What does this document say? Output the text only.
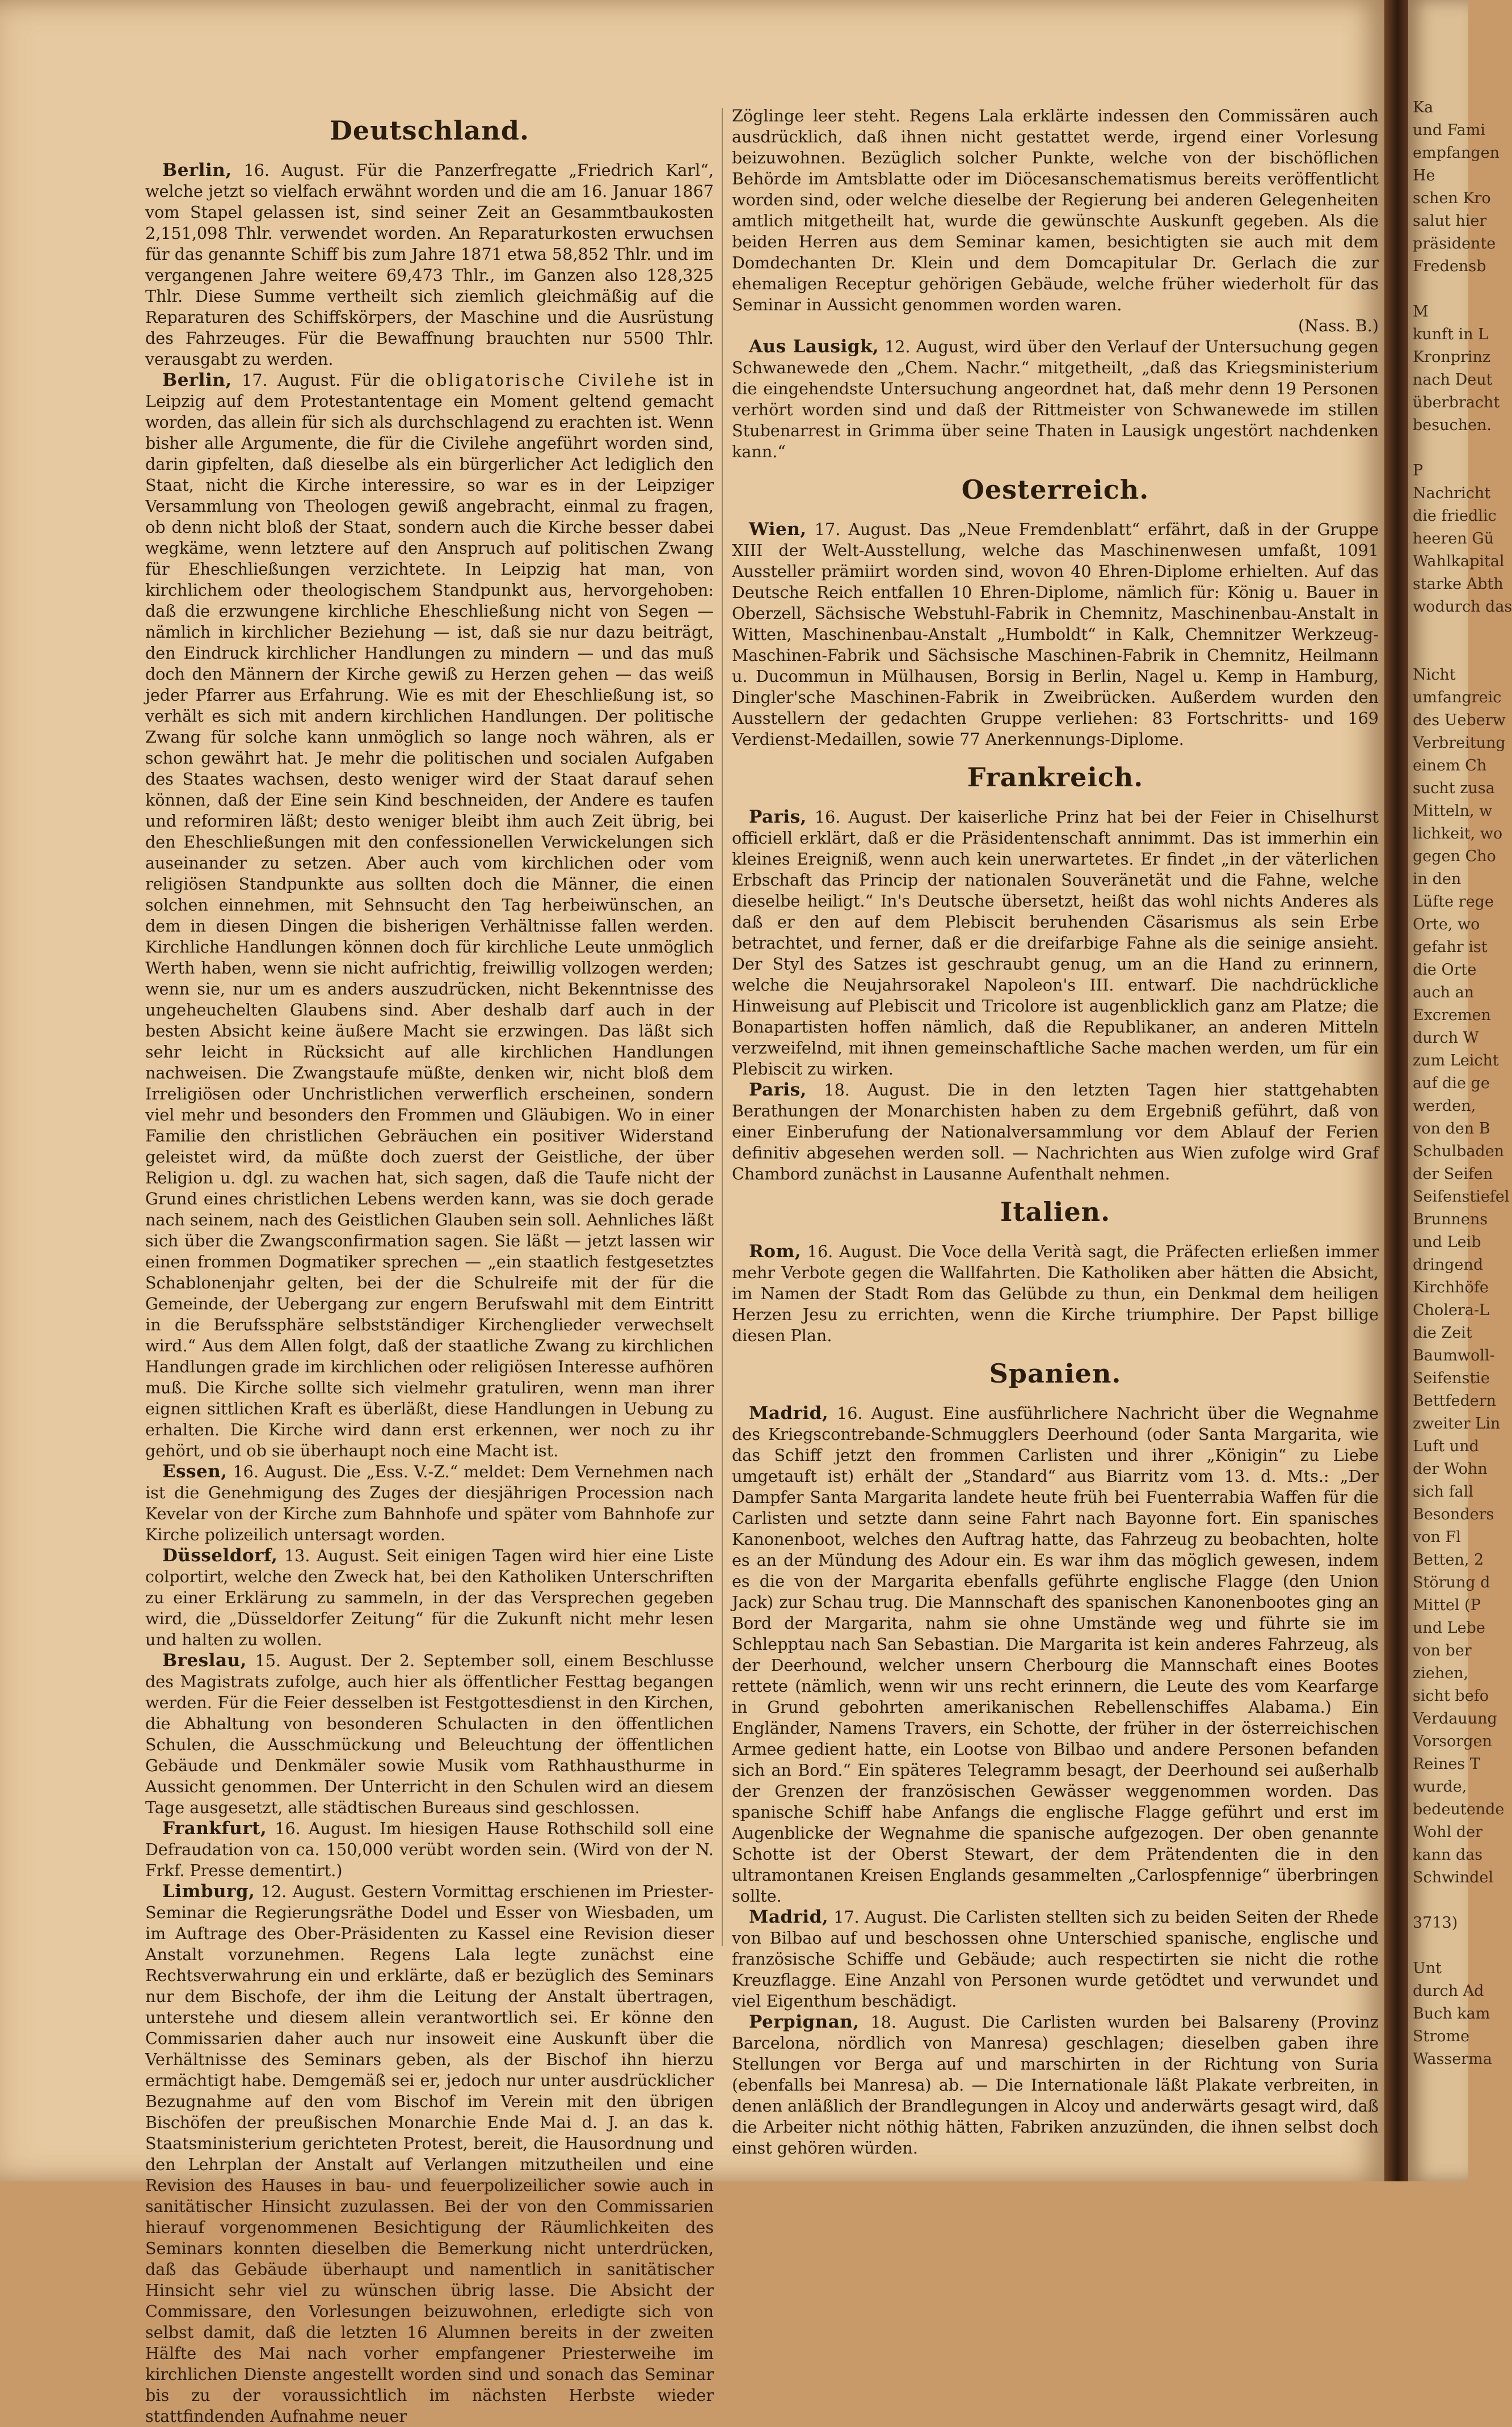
Deutschland.

Berlin, 16. August. Für die Panzerfregatte „Friedrich Karl“, welche jetzt so vielfach erwähnt worden und die am 16. Januar 1867 vom Stapel gelassen ist, sind seiner Zeit an Gesammtbaukosten 2,151,098 Thlr. verwendet worden. An Reparaturkosten erwuchsen für das genannte Schiff bis zum Jahre 1871 etwa 58,852 Thlr. und im vergangenen Jahre weitere 69,473 Thlr., im Ganzen also 128,325 Thlr. Diese Summe vertheilt sich ziemlich gleichmäßig auf die Reparaturen des Schiffskörpers, der Maschine und die Ausrüstung des Fahrzeuges. Für die Bewaffnung brauchten nur 5500 Thlr. verausgabt zu werden.

Berlin, 17. August. Für die obligatorische Civilehe ist in Leipzig auf dem Protestantentage ein Moment geltend gemacht worden, das allein für sich als durchschlagend zu erachten ist. Wenn bisher alle Argumente, die für die Civilehe angeführt worden sind, darin gipfelten, daß dieselbe als ein bürgerlicher Act lediglich den Staat, nicht die Kirche interessire, so war es in der Leipziger Versammlung von Theologen gewiß angebracht, einmal zu fragen, ob denn nicht bloß der Staat, sondern auch die Kirche besser dabei wegkäme, wenn letztere auf den Anspruch auf politischen Zwang für Eheschließungen verzichtete. In Leipzig hat man, von kirchlichem oder theologischem Standpunkt aus, hervorgehoben: daß die erzwungene kirchliche Eheschließung nicht von Segen — nämlich in kirchlicher Beziehung — ist, daß sie nur dazu beiträgt, den Eindruck kirchlicher Handlungen zu mindern — und das muß doch den Männern der Kirche gewiß zu Herzen gehen — das weiß jeder Pfarrer aus Erfahrung. Wie es mit der Eheschließung ist, so verhält es sich mit andern kirchlichen Handlungen. Der politische Zwang für solche kann unmöglich so lange noch währen, als er schon gewährt hat. Je mehr die politischen und socialen Aufgaben des Staates wachsen, desto weniger wird der Staat darauf sehen können, daß der Eine sein Kind beschneiden, der Andere es taufen und reformiren läßt; desto weniger bleibt ihm auch Zeit übrig, bei den Eheschließungen mit den confessionellen Verwickelungen sich auseinander zu setzen. Aber auch vom kirchlichen oder vom religiösen Standpunkte aus sollten doch die Männer, die einen solchen einnehmen, mit Sehnsucht den Tag herbeiwünschen, an dem in diesen Dingen die bisherigen Verhältnisse fallen werden. Kirchliche Handlungen können doch für kirchliche Leute unmöglich Werth haben, wenn sie nicht aufrichtig, freiwillig vollzogen werden; wenn sie, nur um es anders auszudrücken, nicht Bekenntnisse des ungeheuchelten Glaubens sind. Aber deshalb darf auch in der besten Absicht keine äußere Macht sie erzwingen. Das läßt sich sehr leicht in Rücksicht auf alle kirchlichen Handlungen nachweisen. Die Zwangstaufe müßte, denken wir, nicht bloß dem Irreligiösen oder Unchristlichen verwerflich erscheinen, sondern viel mehr und besonders den Frommen und Gläubigen. Wo in einer Familie den christlichen Gebräuchen ein positiver Widerstand geleistet wird, da müßte doch zuerst der Geistliche, der über Religion u. dgl. zu wachen hat, sich sagen, daß die Taufe nicht der Grund eines christlichen Lebens werden kann, was sie doch gerade nach seinem, nach des Geistlichen Glauben sein soll. Aehnliches läßt sich über die Zwangsconfirmation sagen. Sie läßt — jetzt lassen wir einen frommen Dogmatiker sprechen — „ein staatlich festgesetztes Schablonenjahr gelten, bei der die Schulreife mit der für die Gemeinde, der Uebergang zur engern Berufswahl mit dem Eintritt in die Berufssphäre selbstständiger Kirchenglieder verwechselt wird.“ Aus dem Allen folgt, daß der staatliche Zwang zu kirchlichen Handlungen grade im kirchlichen oder religiösen Interesse aufhören muß. Die Kirche sollte sich vielmehr gratuliren, wenn man ihrer eignen sittlichen Kraft es überläßt, diese Handlungen in Uebung zu erhalten. Die Kirche wird dann erst erkennen, wer noch zu ihr gehört, und ob sie überhaupt noch eine Macht ist.

Essen, 16. August. Die „Ess. V.-Z.“ meldet: Dem Vernehmen nach ist die Genehmigung des Zuges der diesjährigen Procession nach Kevelar von der Kirche zum Bahnhofe und später vom Bahnhofe zur Kirche polizeilich untersagt worden.

Düsseldorf, 13. August. Seit einigen Tagen wird hier eine Liste colportirt, welche den Zweck hat, bei den Katholiken Unterschriften zu einer Erklärung zu sammeln, in der das Versprechen gegeben wird, die „Düsseldorfer Zeitung“ für die Zukunft nicht mehr lesen und halten zu wollen.

Breslau, 15. August. Der 2. September soll, einem Beschlusse des Magistrats zufolge, auch hier als öffentlicher Festtag begangen werden. Für die Feier desselben ist Festgottesdienst in den Kirchen, die Abhaltung von besonderen Schulacten in den öffentlichen Schulen, die Ausschmückung und Beleuchtung der öffentlichen Gebäude und Denkmäler sowie Musik vom Rathhausthurme in Aussicht genommen. Der Unterricht in den Schulen wird an diesem Tage ausgesetzt, alle städtischen Bureaus sind geschlossen.

Frankfurt, 16. August. Im hiesigen Hause Rothschild soll eine Defraudation von ca. 150,000 verübt worden sein. (Wird von der N. Frkf. Presse dementirt.)

Limburg, 12. August. Gestern Vormittag erschienen im Priester-Seminar die Regierungsräthe Dodel und Esser von Wiesbaden, um im Auftrage des Ober-Präsidenten zu Kassel eine Revision dieser Anstalt vorzunehmen. Regens Lala legte zunächst eine Rechtsverwahrung ein und erklärte, daß er bezüglich des Seminars nur dem Bischofe, der ihm die Leitung der Anstalt übertragen, unterstehe und diesem allein verantwortlich sei. Er könne den Commissarien daher auch nur insoweit eine Auskunft über die Verhältnisse des Seminars geben, als der Bischof ihn hierzu ermächtigt habe. Demgemäß sei er, jedoch nur unter ausdrücklicher Bezugnahme auf den vom Bischof im Verein mit den übrigen Bischöfen der preußischen Monarchie Ende Mai d. J. an das k. Staatsministerium gerichteten Protest, bereit, die Hausordnung und den Lehrplan der Anstalt auf Verlangen mitzutheilen und eine Revision des Hauses in bau- und feuerpolizeilicher sowie auch in sanitätischer Hinsicht zuzulassen. Bei der von den Commissarien hierauf vorgenommenen Besichtigung der Räumlichkeiten des Seminars konnten dieselben die Bemerkung nicht unterdrücken, daß das Gebäude überhaupt und namentlich in sanitätischer Hinsicht sehr viel zu wünschen übrig lasse. Die Absicht der Commissare, den Vorlesungen beizuwohnen, erledigte sich von selbst damit, daß die letzten 16 Alumnen bereits in der zweiten Hälfte des Mai nach vorher empfangener Priesterweihe im kirchlichen Dienste angestellt worden sind und sonach das Seminar bis zu der voraussichtlich im nächsten Herbste wieder stattfindenden Aufnahme neuer

Zöglinge leer steht. Regens Lala erklärte indessen den Commissären auch ausdrücklich, daß ihnen nicht gestattet werde, irgend einer Vorlesung beizuwohnen. Bezüglich solcher Punkte, welche von der bischöflichen Behörde im Amtsblatte oder im Diöcesanschematismus bereits veröffentlicht worden sind, oder welche dieselbe der Regierung bei anderen Gelegenheiten amtlich mitgetheilt hat, wurde die gewünschte Auskunft gegeben. Als die beiden Herren aus dem Seminar kamen, besichtigten sie auch mit dem Domdechanten Dr. Klein und dem Domcapitular Dr. Gerlach die zur ehemaligen Receptur gehörigen Gebäude, welche früher wiederholt für das Seminar in Aussicht genommen worden waren.

(Nass. B.)

Aus Lausigk, 12. August, wird über den Verlauf der Untersuchung gegen Schwanewede den „Chem. Nachr.“ mitgetheilt, „daß das Kriegsministerium die eingehendste Untersuchung angeordnet hat, daß mehr denn 19 Personen verhört worden sind und daß der Rittmeister von Schwanewede im stillen Stubenarrest in Grimma über seine Thaten in Lausigk ungestört nachdenken kann.“

Oesterreich.

Wien, 17. August. Das „Neue Fremdenblatt“ erfährt, daß in der Gruppe XIII der Welt-Ausstellung, welche das Maschinenwesen umfaßt, 1091 Aussteller prämiirt worden sind, wovon 40 Ehren-Diplome erhielten. Auf das Deutsche Reich entfallen 10 Ehren-Diplome, nämlich für: König u. Bauer in Oberzell, Sächsische Webstuhl-Fabrik in Chemnitz, Maschinenbau-Anstalt in Witten, Maschinenbau-Anstalt „Humboldt“ in Kalk, Chemnitzer Werkzeug-Maschinen-Fabrik und Sächsische Maschinen-Fabrik in Chemnitz, Heilmann u. Ducommun in Mülhausen, Borsig in Berlin, Nagel u. Kemp in Hamburg, Dingler'sche Maschinen-Fabrik in Zweibrücken. Außerdem wurden den Ausstellern der gedachten Gruppe verliehen: 83 Fortschritts- und 169 Verdienst-Medaillen, sowie 77 Anerkennungs-Diplome.

Frankreich.

Paris, 16. August. Der kaiserliche Prinz hat bei der Feier in Chiselhurst officiell erklärt, daß er die Präsidentenschaft annimmt. Das ist immerhin ein kleines Ereigniß, wenn auch kein unerwartetes. Er findet „in der väterlichen Erbschaft das Princip der nationalen Souveränetät und die Fahne, welche dieselbe heiligt.“ In's Deutsche übersetzt, heißt das wohl nichts Anderes als daß er den auf dem Plebiscit beruhenden Cäsarismus als sein Erbe betrachtet, und ferner, daß er die dreifarbige Fahne als die seinige ansieht. Der Styl des Satzes ist geschraubt genug, um an die Hand zu erinnern, welche die Neujahrsorakel Napoleon's III. entwarf. Die nachdrückliche Hinweisung auf Plebiscit und Tricolore ist augenblicklich ganz am Platze; die Bonapartisten hoffen nämlich, daß die Republikaner, an anderen Mitteln verzweifelnd, mit ihnen gemeinschaftliche Sache machen werden, um für ein Plebiscit zu wirken.

Paris, 18. August. Die in den letzten Tagen hier stattgehabten Berathungen der Monarchisten haben zu dem Ergebniß geführt, daß von einer Einberufung der Nationalversammlung vor dem Ablauf der Ferien definitiv abgesehen werden soll. — Nachrichten aus Wien zufolge wird Graf Chambord zunächst in Lausanne Aufenthalt nehmen.

Italien.

Rom, 16. August. Die Voce della Verità sagt, die Präfecten erließen immer mehr Verbote gegen die Wallfahrten. Die Katholiken aber hätten die Absicht, im Namen der Stadt Rom das Gelübde zu thun, ein Denkmal dem heiligen Herzen Jesu zu errichten, wenn die Kirche triumphire. Der Papst billige diesen Plan.

Spanien.

Madrid, 16. August. Eine ausführlichere Nachricht über die Wegnahme des Kriegscontrebande-Schmugglers Deerhound (oder Santa Margarita, wie das Schiff jetzt den frommen Carlisten und ihrer „Königin“ zu Liebe umgetauft ist) erhält der „Standard“ aus Biarritz vom 13. d. Mts.: „Der Dampfer Santa Margarita landete heute früh bei Fuenterrabia Waffen für die Carlisten und setzte dann seine Fahrt nach Bayonne fort. Ein spanisches Kanonenboot, welches den Auftrag hatte, das Fahrzeug zu beobachten, holte es an der Mündung des Adour ein. Es war ihm das möglich gewesen, indem es die von der Margarita ebenfalls geführte englische Flagge (den Union Jack) zur Schau trug. Die Mannschaft des spanischen Kanonenbootes ging an Bord der Margarita, nahm sie ohne Umstände weg und führte sie im Schlepptau nach San Sebastian. Die Margarita ist kein anderes Fahrzeug, als der Deerhound, welcher unsern Cherbourg die Mannschaft eines Bootes rettete (nämlich, wenn wir uns recht erinnern, die Leute des vom Kearfarge in Grund gebohrten amerikanischen Rebellenschiffes Alabama.) Ein Engländer, Namens Travers, ein Schotte, der früher in der österreichischen Armee gedient hatte, ein Lootse von Bilbao und andere Personen befanden sich an Bord.“ Ein späteres Telegramm besagt, der Deerhound sei außerhalb der Grenzen der französischen Gewässer weggenommen worden. Das spanische Schiff habe Anfangs die englische Flagge geführt und erst im Augenblicke der Wegnahme die spanische aufgezogen. Der oben genannte Schotte ist der Oberst Stewart, der dem Prätendenten die in den ultramontanen Kreisen Englands gesammelten „Carlospfennige“ überbringen sollte.

Madrid, 17. August. Die Carlisten stellten sich zu beiden Seiten der Rhede von Bilbao auf und beschossen ohne Unterschied spanische, englische und französische Schiffe und Gebäude; auch respectirten sie nicht die rothe Kreuzflagge. Eine Anzahl von Personen wurde getödtet und verwundet und viel Eigenthum beschädigt.

Perpignan, 18. August. Die Carlisten wurden bei Balsareny (Provinz Barcelona, nördlich von Manresa) geschlagen; dieselben gaben ihre Stellungen vor Berga auf und marschirten in der Richtung von Suria (ebenfalls bei Manresa) ab. — Die Internationale läßt Plakate verbreiten, in denen anläßlich der Brandlegungen in Alcoy und anderwärts gesagt wird, daß die Arbeiter nicht nöthig hätten, Fabriken anzuzünden, die ihnen selbst doch einst gehören würden.

Ka
und Fami
empfangen
He
schen Kro
salut hier
präsidente
Fredensb

M
kunft in L
Kronprinz
nach Deut
überbracht
besuchen.

P
Nachricht
die friedlic
heeren Gü
Wahlkapital
starke Abth
wodurch das

Nicht
umfangreic
des Ueberw
Verbreitung
einem Ch
sucht zusa
Mitteln, w
lichkeit, wo
gegen Cho
in den
Lüfte rege
Orte, wo
gefahr ist
die Orte
auch an
Excremen
durch W
zum Leicht
auf die ge
werden,
von den B
Schulbaden
der Seifen
Seifenstiefel
Brunnens
und Leib
dringend
Kirchhöfe
Cholera-L
die Zeit
Baumwoll-
Seifenstie
Bettfedern
zweiter Lin
Luft und
der Wohn
sich fall
Besonders
von Fl
Betten, 2
Störung d
Mittel (P
und Lebe
von ber
ziehen,
sicht befo
Verdauung
Vorsorgen
Reines T
wurde,
bedeutende
Wohl der
kann das
Schwindel

3713)

Unt
durch Ad
Buch kam
Strome
Wasserma
